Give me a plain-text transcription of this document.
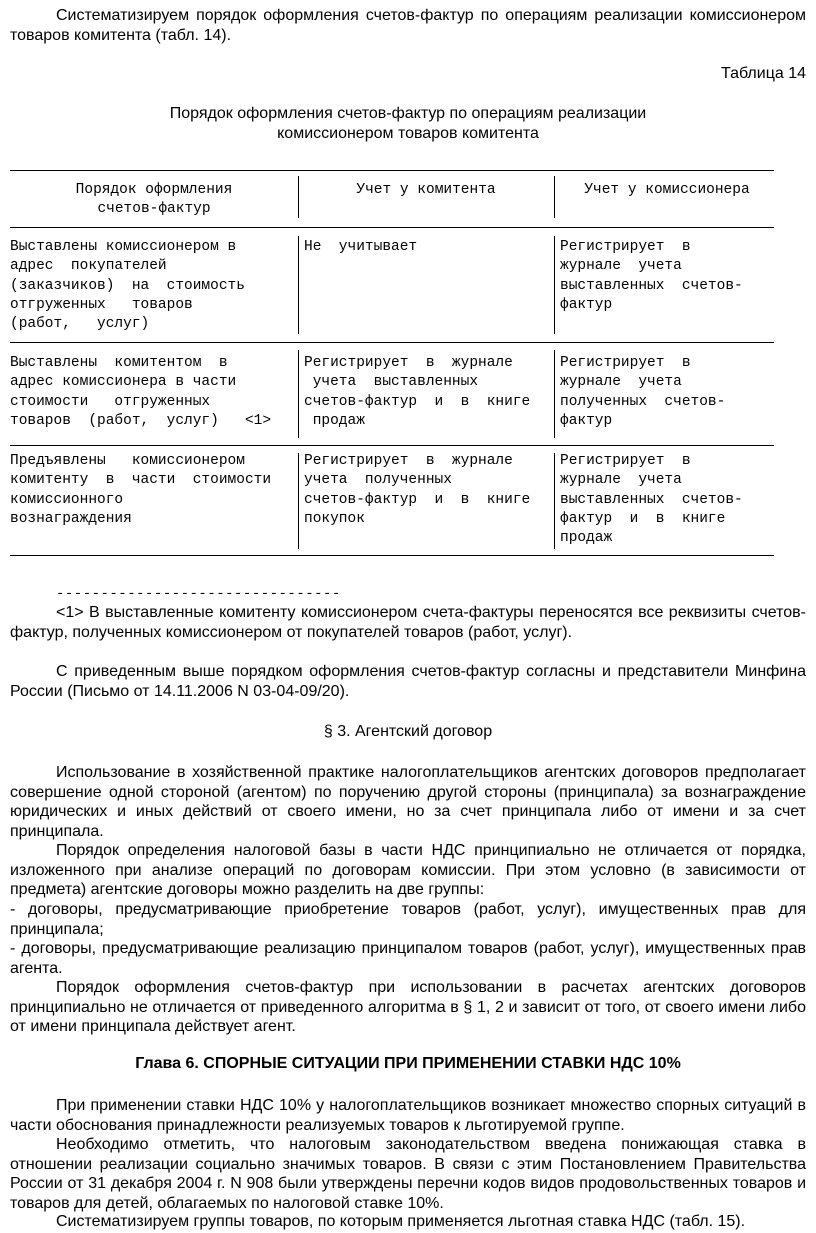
Систематизируем порядок оформления счетов-фактур по операциям реализации комиссионером товаров комитента (табл. 14).

Таблица 14

Порядок оформления счетов-фактур по операциям реализации

комиссионером товаров комитента

Порядок оформления
счетов-фактур
Учет у комитента	Учет у комиссионера
Выставлены комиссионером в
адрес  покупателей
(заказчиков)  на  стоимость
отгруженных   товаров
(работ,   услуг)
Не  учитывает	Регистрирует  в
журнале  учета
выставленных  счетов-
фактур
Выставлены  комитентом  в
адрес комиссионера в части
стоимости   отгруженных
товаров  (работ,  услуг)   <1>
Регистрирует  в  журнале
учета  выставленных
счетов-фактур  и  в  книге
продаж
Регистрирует  в
журнале  учета
полученных  счетов-
фактур
Предъявлены   комиссионером
комитенту  в  части  стоимости
комиссионного
вознаграждения
Регистрирует  в  журнале
учета  полученных
счетов-фактур  и  в  книге
покупок
Регистрирует  в
журнале  учета
выставленных  счетов-
фактур  и  в  книге
продаж
--------------------------------

<1> В выставленные комитенту комиссионером счета-фактуры переносятся все реквизиты счетов-фактур, полученных комиссионером от покупателей товаров (работ, услуг).

С приведенным выше порядком оформления счетов-фактур согласны и представители Минфина России (Письмо от 14.11.2006 N 03-04-09/20).

§ 3. Агентский договор

Использование в хозяйственной практике налогоплательщиков агентских договоров предполагает совершение одной стороной (агентом) по поручению другой стороны (принципала) за вознаграждение юридических и иных действий от своего имени, но за счет принципала либо от имени и за счет принципала.

Порядок определения налоговой базы в части НДС принципиально не отличается от порядка, изложенного при анализе операций по договорам комиссии. При этом условно (в зависимости от предмета) агентские договоры можно разделить на две группы:

- договоры, предусматривающие приобретение товаров (работ, услуг), имущественных прав для принципала;

- договоры, предусматривающие реализацию принципалом товаров (работ, услуг), имущественных прав агента.

Порядок оформления счетов-фактур при использовании в расчетах агентских договоров принципиально не отличается от приведенного алгоритма в § 1, 2 и зависит от того, от своего имени либо от имени принципала действует агент.

Глава 6. СПОРНЫЕ СИТУАЦИИ ПРИ ПРИМЕНЕНИИ СТАВКИ НДС 10%

При применении ставки НДС 10% у налогоплательщиков возникает множество спорных ситуаций в части обоснования принадлежности реализуемых товаров к льготируемой группе.

Необходимо отметить, что налоговым законодательством введена понижающая ставка в отношении реализации социально значимых товаров. В связи с этим Постановлением Правительства России от 31 декабря 2004 г. N 908 были утверждены перечни кодов видов продовольственных товаров и товаров для детей, облагаемых по налоговой ставке 10%.

Систематизируем группы товаров, по которым применяется льготная ставка НДС (табл. 15).
